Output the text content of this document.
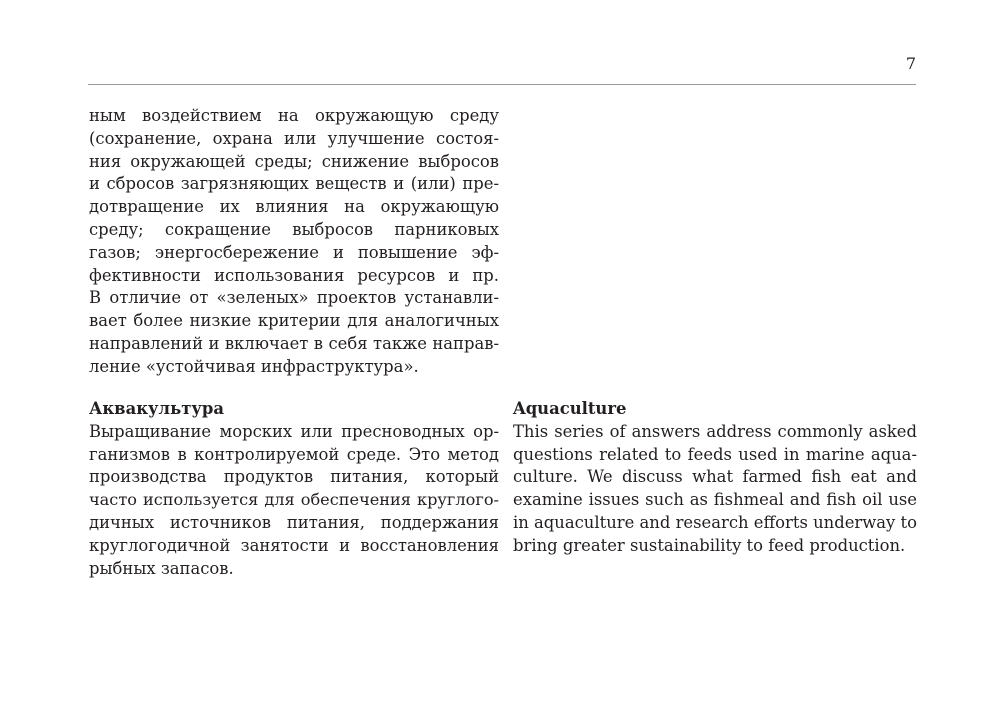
7
ным воздействием на окружающую среду
(сохранение, охрана или улучшение состоя-
ния окружающей среды; снижение выбросов
и сбросов загрязняющих веществ и (или) пре-
дотвращение их влияния на окружающую
среду; сокращение выбросов парниковых
газов; энергосбережение и повышение эф-
фективности использования ресурсов и пр.
В отличие от «зеленых» проектов устанавли-
вает более низкие критерии для аналогичных
направлений и включает в себя также направ-
ление «устойчивая инфраструктура».
Аквакультура
Выращивание морских или пресноводных ор-
ганизмов в контролируемой среде. Это метод
производства продуктов питания, который
часто используется для обеспечения круглого-
дичных источников питания, поддержания
круглогодичной занятости и восстановления
рыбных запасов.
Aquaculture
This series of answers address commonly asked
questions related to feeds used in marine aqua-
culture. We discuss what farmed fish eat and
examine issues such as fishmeal and fish oil use
in aquaculture and research efforts underway to
bring greater sustainability to feed production.
